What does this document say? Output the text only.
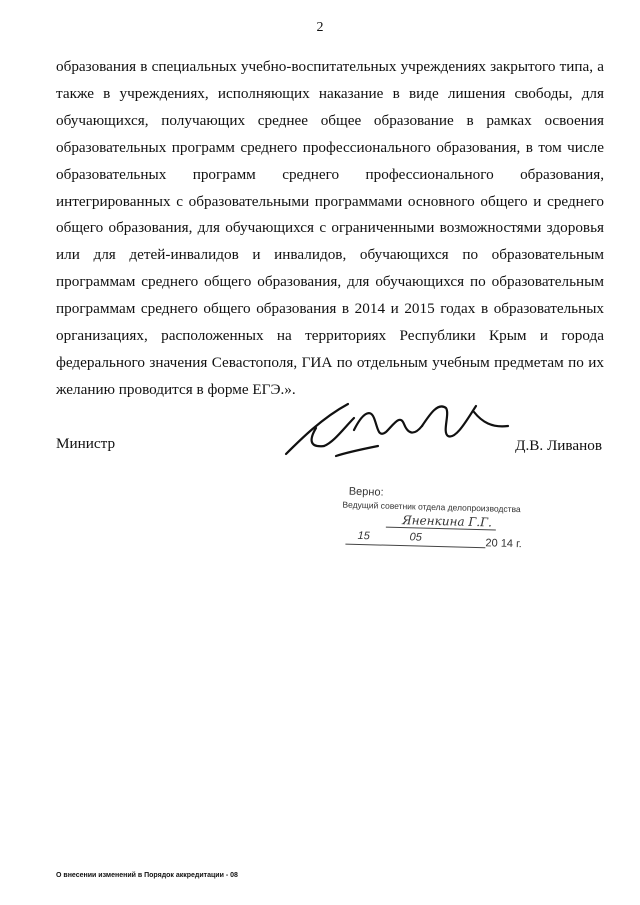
2
образования в специальных учебно-воспитательных учреждениях закрытого типа, а
также в учреждениях, исполняющих наказание в виде лишения свободы, для
обучающихся, получающих среднее общее образование в рамках освоения
образовательных программ среднего профессионального образования, в том числе
образовательных программ среднего профессионального образования,
интегрированных с образовательными программами основного общего и среднего
общего образования, для обучающихся с ограниченными возможностями здоровья
или для детей-инвалидов и инвалидов, обучающихся по образовательным
программам среднего общего образования, для обучающихся по образовательным
программам среднего общего образования в 2014 и 2015 годах в образовательных
организациях, расположенных на территориях Республики Крым и города
федерального значения Севастополя, ГИА по отдельным учебным предметам по их
желанию проводится в форме ЕГЭ.».
Министр	Д.В. Ливанов
Верно:
Ведущий советник отдела делопроизводства
Яненкина Г.Г.
15	05	20 14 г.
О внесении изменений в Порядок аккредитации - 08
